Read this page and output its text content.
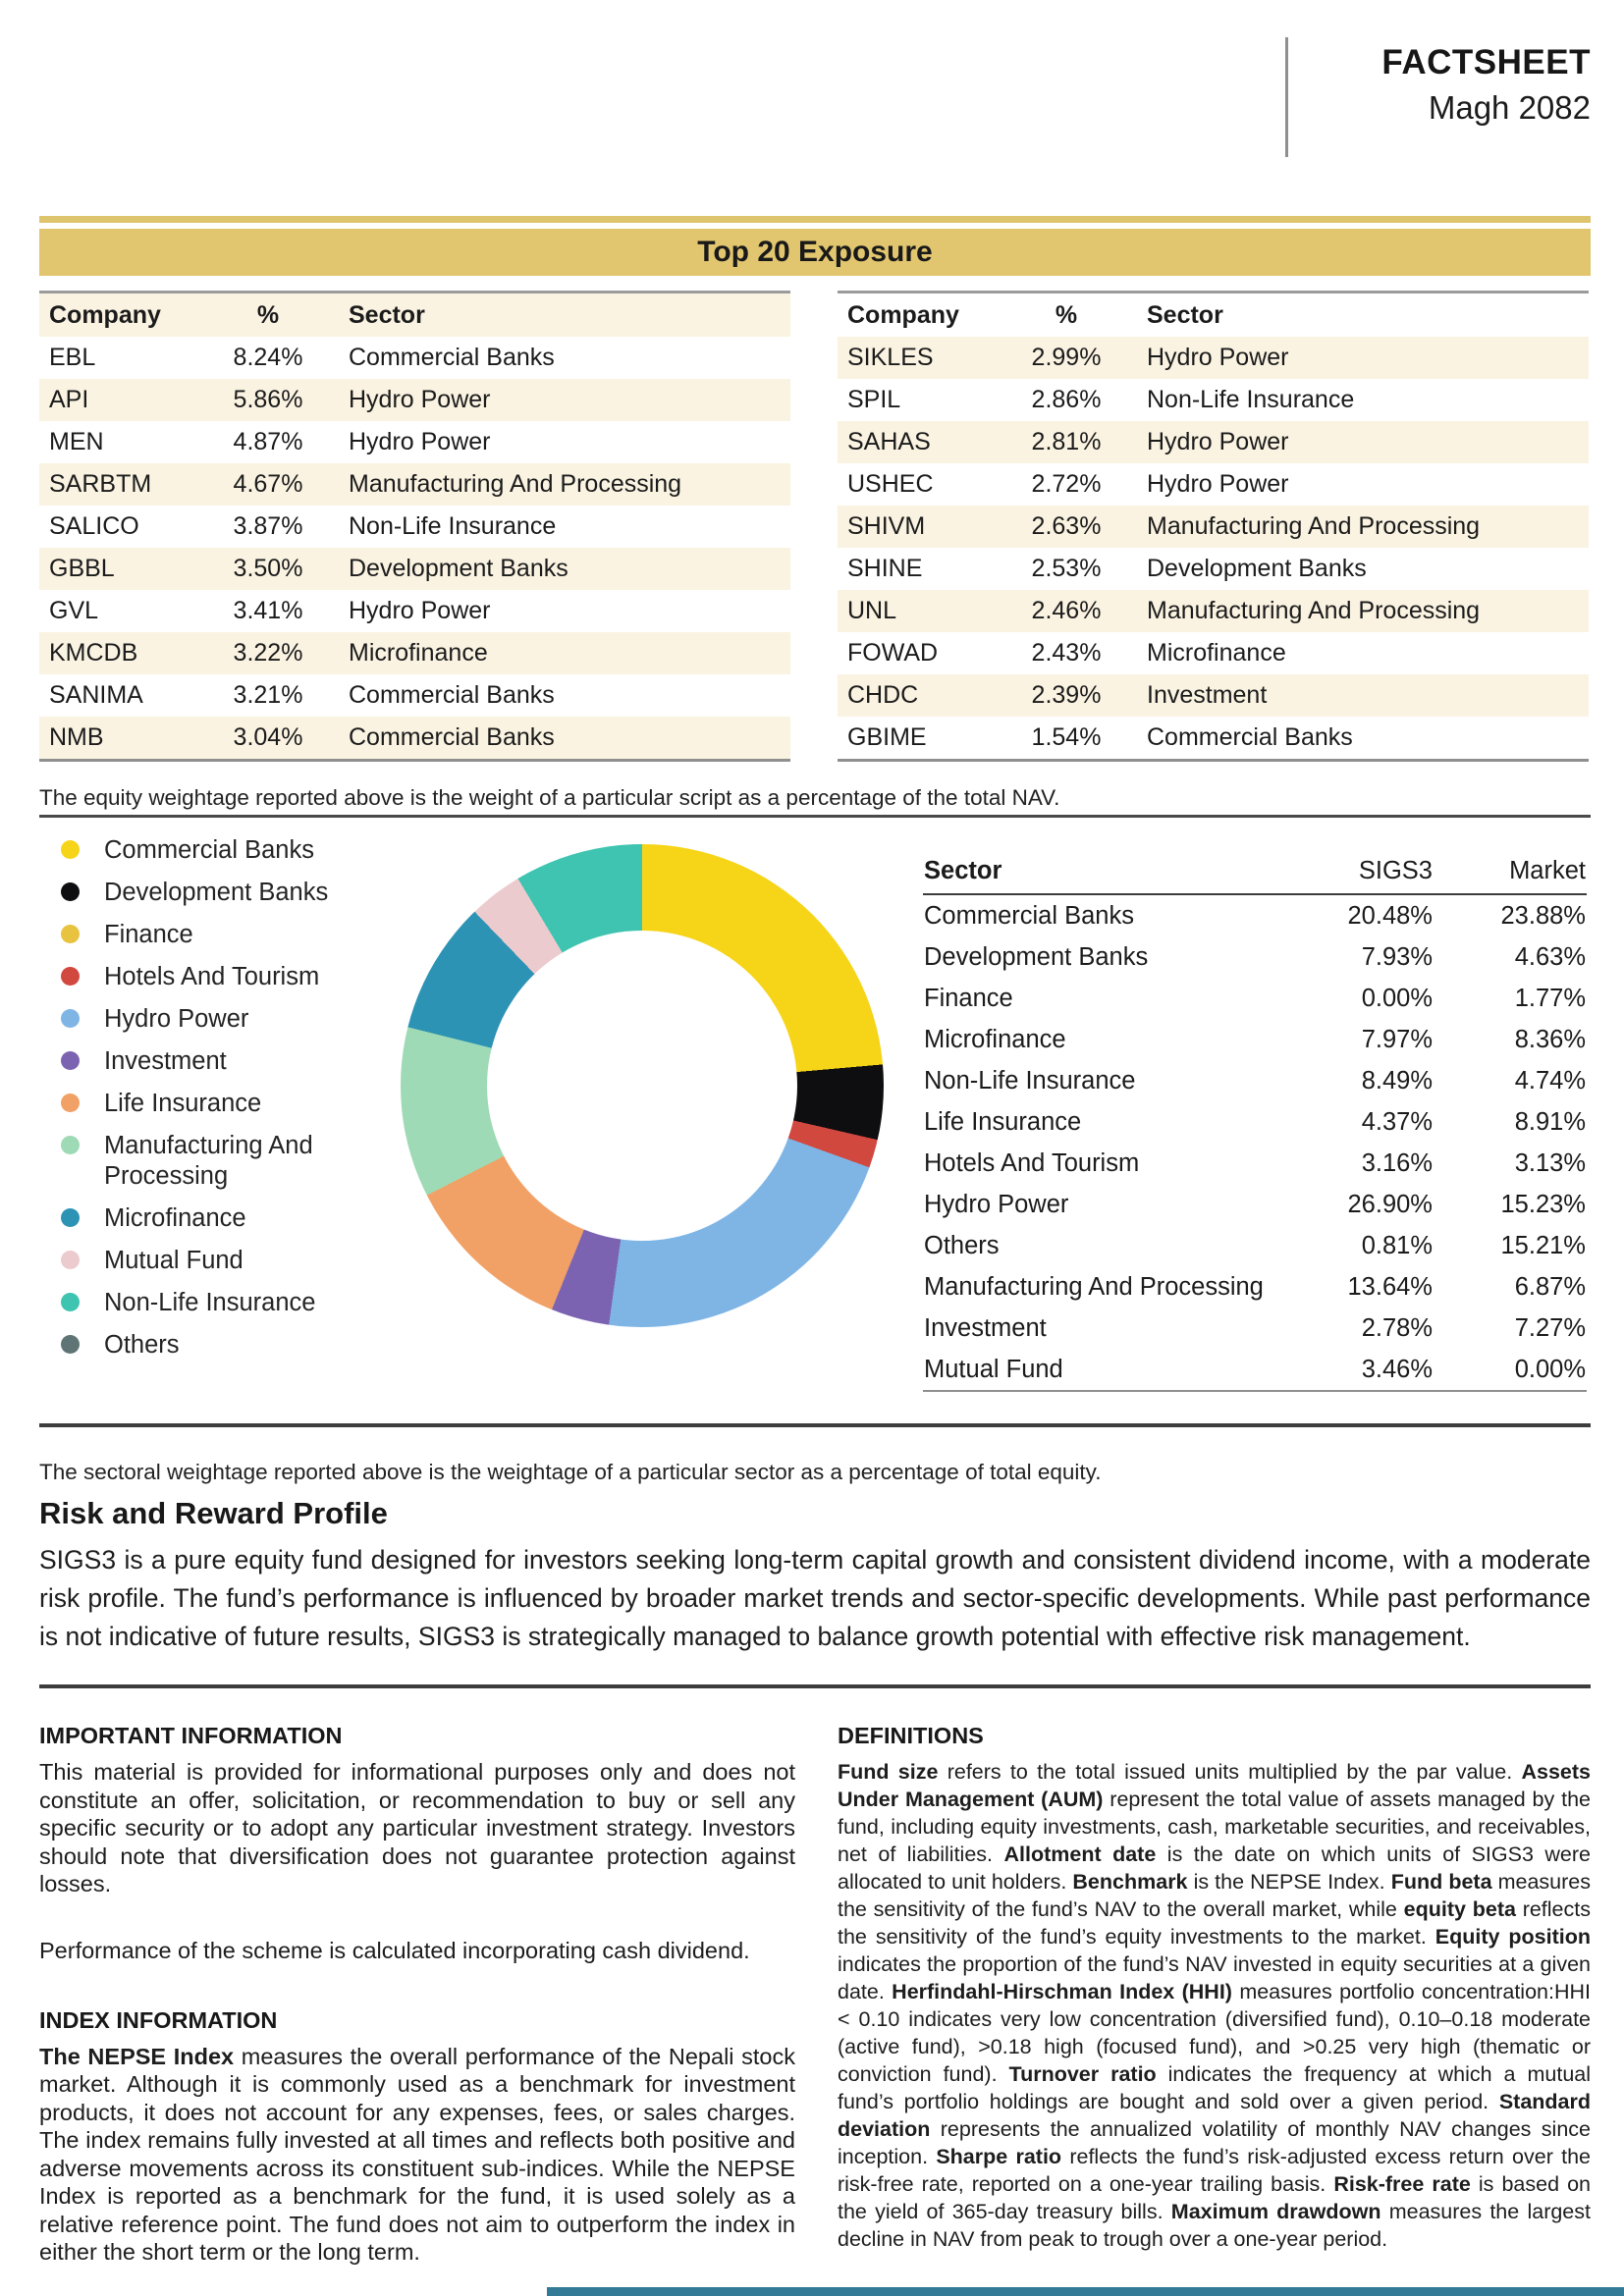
FACTSHEET
Magh 2082
Top 20 Exposure
Company	%	Sector
EBL	8.24%	Commercial Banks
API	5.86%	Hydro Power
MEN	4.87%	Hydro Power
SARBTM	4.67%	Manufacturing And Processing
SALICO	3.87%	Non-Life Insurance
GBBL	3.50%	Development Banks
GVL	3.41%	Hydro Power
KMCDB	3.22%	Microfinance
SANIMA	3.21%	Commercial Banks
NMB	3.04%	Commercial Banks
Company	%	Sector
SIKLES	2.99%	Hydro Power
SPIL	2.86%	Non-Life Insurance
SAHAS	2.81%	Hydro Power
USHEC	2.72%	Hydro Power
SHIVM	2.63%	Manufacturing And Processing
SHINE	2.53%	Development Banks
UNL	2.46%	Manufacturing And Processing
FOWAD	2.43%	Microfinance
CHDC	2.39%	Investment
GBIME	1.54%	Commercial Banks

The equity weightage reported above is the weight of a particular script as a percentage of the total NAV.

Commercial Banks
Development Banks
Finance
Hotels And Tourism
Hydro Power
Investment
Life Insurance
Manufacturing And Processing
Microfinance
Mutual Fund
Non-Life Insurance
Others
Sector	SIGS3	Market
Commercial Banks	20.48%	23.88%
Development Banks	7.93%	4.63%
Finance	0.00%	1.77%
Microfinance	7.97%	8.36%
Non-Life Insurance	8.49%	4.74%
Life Insurance	4.37%	8.91%
Hotels And Tourism	3.16%	3.13%
Hydro Power	26.90%	15.23%
Others	0.81%	15.21%
Manufacturing And Processing	13.64%	6.87%
Investment	2.78%	7.27%
Mutual Fund	3.46%	0.00%

The sectoral weightage reported above is the weightage of a particular sector as a percentage of total equity.

Risk and Reward Profile

SIGS3 is a pure equity fund designed for investors seeking long-term capital growth and consistent dividend income, with a moderate risk profile. The fund’s performance is influenced by broader market trends and sector-specific developments. While past performance is not indicative of future results, SIGS3 is strategically managed to balance growth potential with effective risk management.

IMPORTANT INFORMATION

This material is provided for informational purposes only and does not constitute an offer, solicitation, or recommendation to buy or sell any specific security or to adopt any particular investment strategy. Investors should note that diversification does not guarantee protection against losses.

Performance of the scheme is calculated incorporating cash dividend.

INDEX INFORMATION

The NEPSE Index measures the overall performance of the Nepali stock market. Although it is commonly used as a benchmark for investment products, it does not account for any expenses, fees, or sales charges. The index remains fully invested at all times and reflects both positive and adverse movements across its constituent sub-indices. While the NEPSE Index is reported as a benchmark for the fund, it is used solely as a relative reference point. The fund does not aim to outperform the index in either the short term or the long term.

DEFINITIONS

Fund size refers to the total issued units multiplied by the par value. Assets Under Management (AUM) represent the total value of assets managed by the fund, including equity investments, cash, marketable securities, and receivables, net of liabilities. Allotment date is the date on which units of SIGS3 were allocated to unit holders. Benchmark is the NEPSE Index. Fund beta measures the sensitivity of the fund’s NAV to the overall market, while equity beta reflects the sensitivity of the fund’s equity investments to the market. Equity position indicates the proportion of the fund’s NAV invested in equity securities at a given date. Herfindahl-Hirschman Index (HHI) measures portfolio concentration:HHI < 0.10 indicates very low concentration (diversified fund), 0.10–0.18 moderate (active fund), >0.18 high (focused fund), and >0.25 very high (thematic or conviction fund). Turnover ratio indicates the frequency at which a mutual fund’s portfolio holdings are bought and sold over a given period. Standard deviation represents the annualized volatility of monthly NAV changes since inception. Sharpe ratio reflects the fund’s risk-adjusted excess return over the risk-free rate, reported on a one-year trailing basis. Risk-free rate is based on the yield of 365-day treasury bills. Maximum drawdown measures the largest decline in NAV from peak to trough over a one-year period.
